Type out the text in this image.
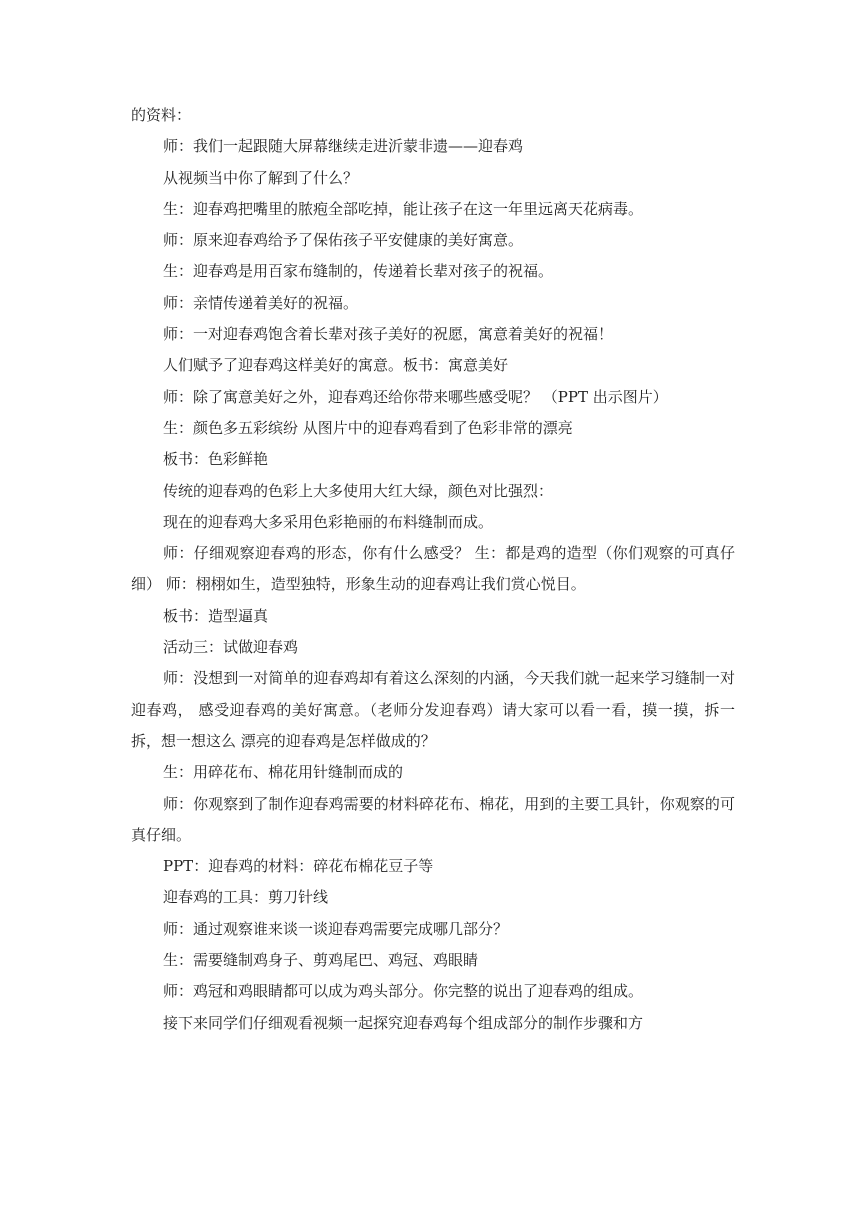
的资料：

师：我们一起跟随大屏幕继续走进沂蒙非遗——迎春鸡

从视频当中你了解到了什么？

生：迎春鸡把嘴里的脓疱全部吃掉，能让孩子在这一年里远离天花病毒。

师：原来迎春鸡给予了保佑孩子平安健康的美好寓意。

生：迎春鸡是用百家布缝制的，传递着长辈对孩子的祝福。

师：亲情传递着美好的祝福。

师：一对迎春鸡饱含着长辈对孩子美好的祝愿，寓意着美好的祝福！

人们赋予了迎春鸡这样美好的寓意。板书：寓意美好

师：除了寓意美好之外，迎春鸡还给你带来哪些感受呢？ （PPT 出示图片）

生：颜色多五彩缤纷 从图片中的迎春鸡看到了色彩非常的漂亮

板书：色彩鲜艳

传统的迎春鸡的色彩上大多使用大红大绿，颜色对比强烈：

现在的迎春鸡大多采用色彩艳丽的布料缝制而成。

师：仔细观察迎春鸡的形态，你有什么感受？ 生：都是鸡的造型（你们观察的可真仔细） 师：栩栩如生，造型独特，形象生动的迎春鸡让我们赏心悦目。

板书：造型逼真

活动三：试做迎春鸡

师：没想到一对简单的迎春鸡却有着这么深刻的内涵，今天我们就一起来学习缝制一对迎春鸡， 感受迎春鸡的美好寓意。（老师分发迎春鸡）请大家可以看一看，摸一摸，拆一拆，想一想这么 漂亮的迎春鸡是怎样做成的？

生：用碎花布、棉花用针缝制而成的

师：你观察到了制作迎春鸡需要的材料碎花布、棉花，用到的主要工具针，你观察的可真仔细。

PPT：迎春鸡的材料：碎花布棉花豆子等

迎春鸡的工具：剪刀针线

师：通过观察谁来谈一谈迎春鸡需要完成哪几部分？

生：需要缝制鸡身子、剪鸡尾巴、鸡冠、鸡眼睛

师：鸡冠和鸡眼睛都可以成为鸡头部分。你完整的说出了迎春鸡的组成。

接下来同学们仔细观看视频一起探究迎春鸡每个组成部分的制作步骤和方
